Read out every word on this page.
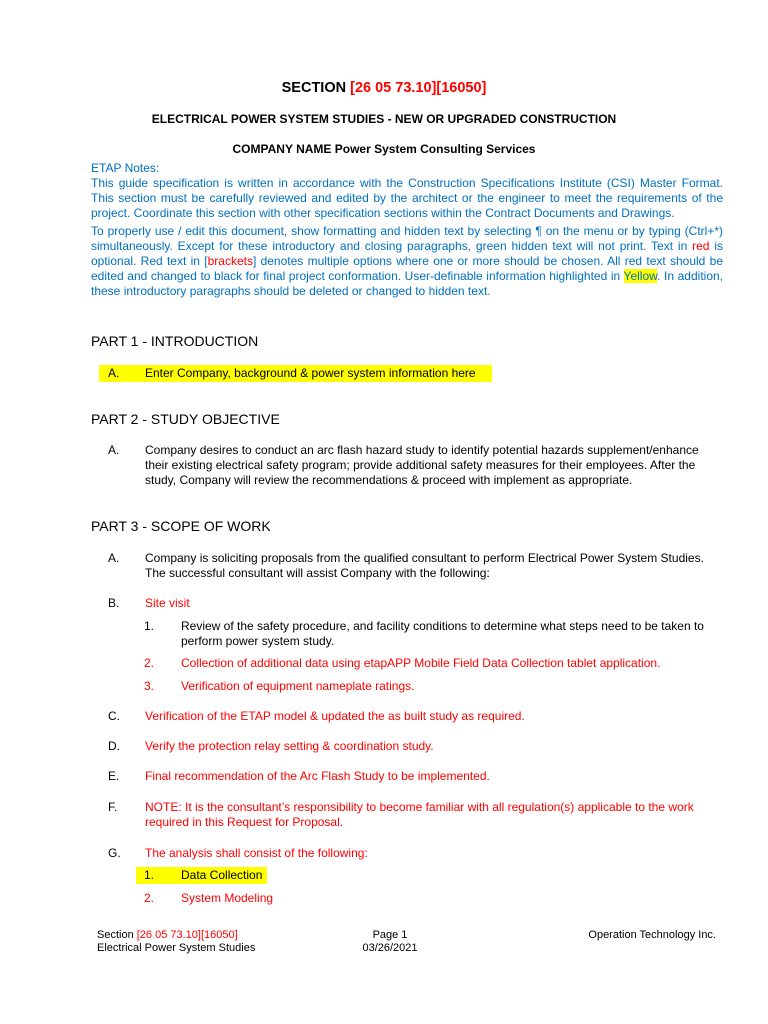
SECTION [26 05 73.10][16050]
ELECTRICAL POWER SYSTEM STUDIES - NEW OR UPGRADED CONSTRUCTION
COMPANY NAME Power System Consulting Services

ETAP Notes:

This guide specification is written in accordance with the Construction Specifications Institute (CSI) Master Format. This section must be carefully reviewed and edited by the architect or the engineer to meet the requirements of the project. Coordinate this section with other specification sections within the Contract Documents and Drawings.

To properly use / edit this document, show formatting and hidden text by selecting ¶ on the menu or by typing (Ctrl+*) simultaneously. Except for these introductory and closing paragraphs, green hidden text will not print. Text in red is optional. Red text in [brackets] denotes multiple options where one or more should be chosen. All red text should be edited and changed to black for final project conformation. User-definable information highlighted in Yellow. In addition, these introductory paragraphs should be deleted or changed to hidden text.

PART 1 - INTRODUCTION
A. Enter Company, background & power system information here
PART 2 - STUDY OBJECTIVE
A. Company desires to conduct an arc flash hazard study to identify potential hazards supplement/enhance their existing electrical safety program; provide additional safety measures for their employees. After the study, Company will review the recommendations & proceed with implement as appropriate.
PART 3 - SCOPE OF WORK
A. Company is soliciting proposals from the qualified consultant to perform Electrical Power System Studies. The successful consultant will assist Company with the following:
B. Site visit
1. Review of the safety procedure, and facility conditions to determine what steps need to be taken to perform power system study.
2. Collection of additional data using etapAPP Mobile Field Data Collection tablet application.
3. Verification of equipment nameplate ratings.
C. Verification of the ETAP model & updated the as built study as required.
D. Verify the protection relay setting & coordination study.
E. Final recommendation of the Arc Flash Study to be implemented.
F. NOTE: It is the consultant’s responsibility to become familiar with all regulation(s) applicable to the work required in this Request for Proposal.
G. The analysis shall consist of the following:
1. Data Collection
2. System Modeling
Section [26 05 73.10][16050]
Electrical Power System Studies
Page 1
03/26/2021
Operation Technology Inc.
